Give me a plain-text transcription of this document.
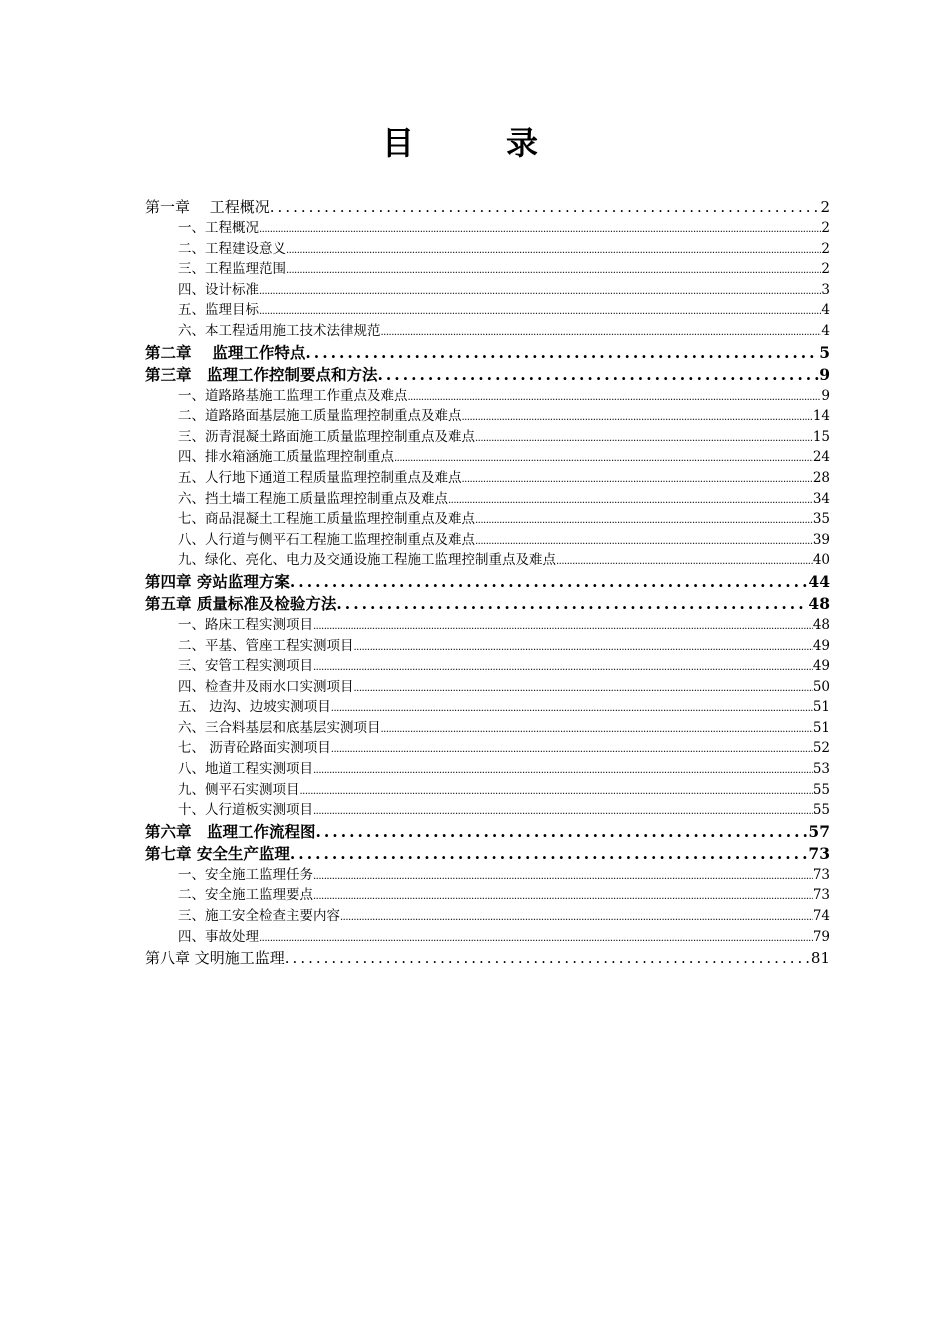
目　录
第一章　 工程概况 .....	2
一、工程概况 .....	2
二、工程建设意义 .....	2
三、工程监理范围 .....	2
四、设计标准 .....	3
五、监理目标 .....	4
六、本工程适用施工技术法律规范 .....	4
第二章　 监理工作特点 .....	5
第三章　监理工作控制要点和方法 .....	9
一、道路路基施工监理工作重点及难点 .....	9
二、道路路面基层施工质量监理控制重点及难点 .....	14
三、沥青混凝土路面施工质量监理控制重点及难点 .....	15
四、排水箱涵施工质量监理控制重点 .....	24
五、人行地下通道工程质量监理控制重点及难点 .....	28
六、挡土墙工程施工质量监理控制重点及难点 .....	34
七、商品混凝土工程施工质量监理控制重点及难点 .....	35
八、人行道与侧平石工程施工监理控制重点及难点 .....	39
九、绿化、亮化、电力及交通设施工程施工监理控制重点及难点 .....	40
第四章 旁站监理方案 .....	44
第五章 质量标准及检验方法 .....	48
一、路床工程实测项目 .....	48
二、平基、管座工程实测项目 .....	49
三、安管工程实测项目 .....	49
四、检查井及雨水口实测项目 .....	50
五、 边沟、边坡实测项目 .....	51
六、三合料基层和底基层实测项目 .....	51
七、 沥青砼路面实测项目 .....	52
八、地道工程实测项目 .....	53
九、侧平石实测项目 .....	55
十、人行道板实测项目 .....	55
第六章　监理工作流程图 .....	57
第七章 安全生产监理 .....	73
一、安全施工监理任务 .....	73
二、安全施工监理要点 .....	73
三、施工安全检查主要内容 .....	74
四、事故处理 .....	79
第八章 文明施工监理 .....	81
